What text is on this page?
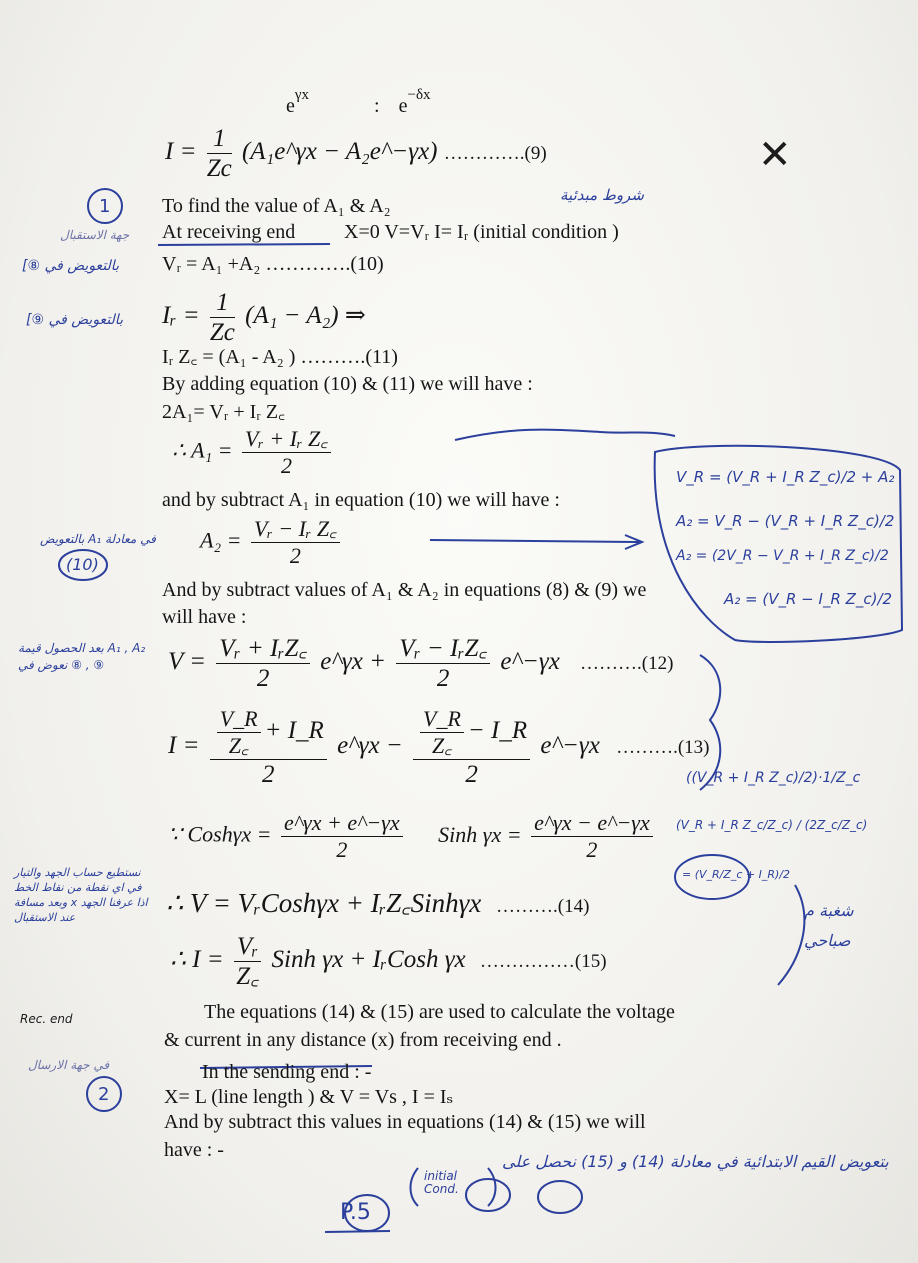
$e^{\gamma x}$	: $e^{-\delta x}$
$I = \frac{1}{Zc}$ (A₁e^γx − A₂e^−γx) ………….(9)
To find the value of A₁ & A₂
At receiving end X=0 V=Vᵣ I= Iᵣ (initial condition )
Vᵣ = A₁ +A₂ ………….(10)
Iᵣ = $\frac{1}{Zc} (A_1 - A_2)$ ⇒
Iᵣ Z꜀ = (A₁ - A₂ ) ……….(11)
By adding equation (10) & (11) we will have :
2A₁= Vᵣ + Iᵣ Z꜀
∴ $A_1 = \frac{\text{Vᵣ + Iᵣ Z꜀}}{2}$
and by subtract A₁ in equation (10) we will have :
$A_2 = \frac{\text{Vᵣ − Iᵣ Z꜀}}{2}$
And by subtract values of A₁ & A₂ in equations (8) & (9) we
will have :
$V = \frac{\text{Vᵣ + IᵣZ꜀}}{2}$ e^γx + $\frac{\text{Vᵣ − IᵣZ꜀}}{2}$ e^−γx ……….(12)
$I = \frac{\frac{V\_R}{Z꜀} + I\_R}{2}$ e^γx − $\frac{\frac{V\_R}{Z꜀} - I\_R}{2}$ e^−γx ……….(13)
∵ Coshγx = $\frac{e\^{}\gamma x + e\^{}-\gamma x}{2}$ Sinh $\gamma x = \frac{e\^{}\gamma x - e\^{}-\gamma x}{2}$
∴ V = VᵣCoshγx + IᵣZ꜀Sinhγx ……….(14)
∴ $I = \frac{\text{Vᵣ}}{Z꜀}$ Sinh γx + IᵣCosh γx ……………(15)
The equations (14) & (15) are used to calculate the voltage
& current in any distance (x) from receiving end .
In the sending end : -
X= L (line length ) & V = Vs , I = Iₛ
And by subtract this values in equations (14) & (15) we will
have : -
1
2
✕
شروط مبدئية
جهة الاستقبال
[⑧ بالتعويض في
[⑨ بالتعويض في
بالتعويض A₁ في معادلة
(10)
بعد الحصول قيمة A₁ , A₂ نعوض في ⑧ , ⑨
نستطيع حساب الجهد والتيار في اي نقطة من نقاط الخط وبعد مسافة x اذا عرفنا الجهد عند الاستقبال
Rec. end
في جهة الارسال
V_R = (V_R + I_R Z_c)/2 + A₂
A₂ = V_R − (V_R + I_R Z_c)/2
A₂ = (2V_R − V_R + I_R Z_c)/2
A₂ = (V_R − I_R Z_c)/2
((V_R + I_R Z_c)/2)·1/Z_c
(V_R + I_R Z_c/Z_c) / (2Z_c/Z_c)
= (V_R/Z_c + I_R)/2
شغبة م صباحي
بتعويض القيم الابتدائية في معادلة (14) و (15) نحصل على
initial Cond.
P.5
